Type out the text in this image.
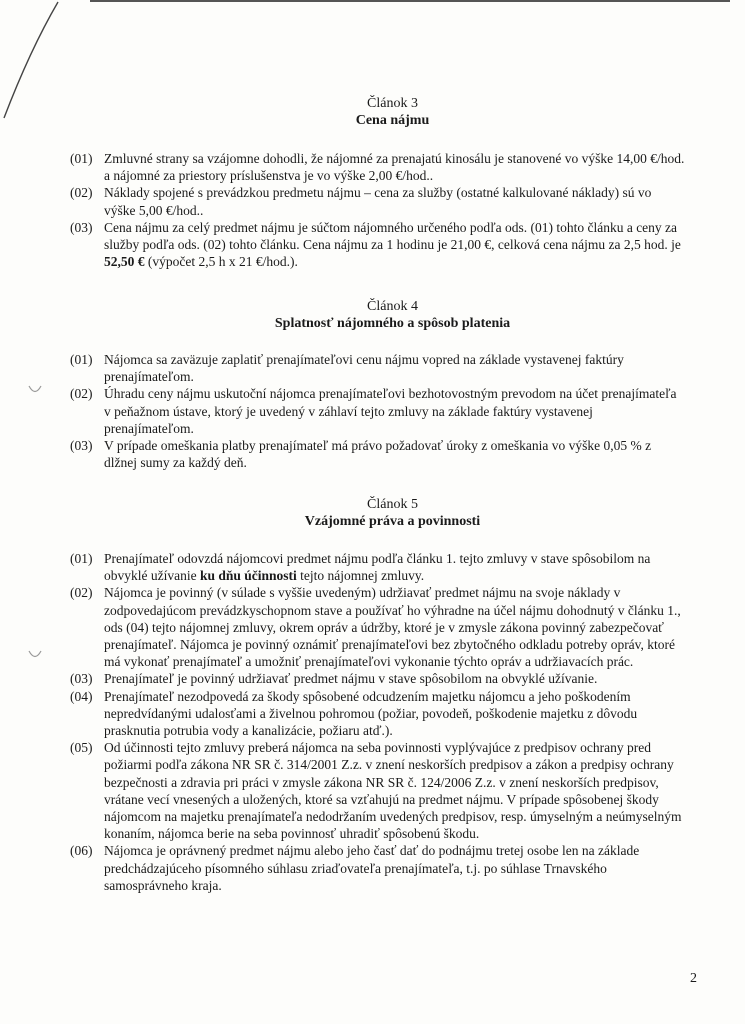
Článok 3
Cena nájmu
(01) Zmluvné strany sa vzájomne dohodli, že nájomné za prenajatú kinosálu je stanovené vo výške 14,00 €/hod. a nájomné za priestory príslušenstva je vo výške 2,00 €/hod..
(02) Náklady spojené s prevádzkou predmetu nájmu – cena za služby (ostatné kalkulované náklady) sú vo výške 5,00 €/hod..
(03) Cena nájmu za celý predmet nájmu je súčtom nájomného určeného podľa ods. (01) tohto článku a ceny za služby podľa ods. (02) tohto článku. Cena nájmu za 1 hodinu je 21,00 €, celková cena nájmu za 2,5 hod. je 52,50 € (výpočet 2,5 h x 21 €/hod.).
Článok 4
Splatnosť nájomného a spôsob platenia
(01) Nájomca sa zaväzuje zaplatiť prenajímateľovi cenu nájmu vopred na základe vystavenej faktúry prenajímateľom.
(02) Úhradu ceny nájmu uskutoční nájomca prenajímateľovi bezhotovostným prevodom na účet prenajímateľa v peňažnom ústave, ktorý je uvedený v záhlaví tejto zmluvy na základe faktúry vystavenej prenajímateľom.
(03) V prípade omeškania platby prenajímateľ má právo požadovať úroky z omeškania vo výške 0,05 % z dlžnej sumy za každý deň.
Článok 5
Vzájomné práva a povinnosti
(01) Prenajímateľ odovzdá nájomcovi predmet nájmu podľa článku 1. tejto zmluvy v stave spôsobilom na obvyklé užívanie ku dňu účinnosti tejto nájomnej zmluvy.
(02) Nájomca je povinný (v súlade s vyššie uvedeným) udržiavať predmet nájmu na svoje náklady v zodpovedajúcom prevádzkyschopnom stave a používať ho výhradne na účel nájmu dohodnutý v článku 1., ods (04) tejto nájomnej zmluvy, okrem opráv a údržby, ktoré je v zmysle zákona povinný zabezpečovať prenajímateľ. Nájomca je povinný oznámiť prenajímateľovi bez zbytočného odkladu potreby opráv, ktoré má vykonať prenajímateľ a umožniť prenajímateľovi vykonanie týchto opráv a udržiavacích prác.
(03) Prenajímateľ je povinný udržiavať predmet nájmu v stave spôsobilom na obvyklé užívanie.
(04) Prenajímateľ nezodpovedá za škody spôsobené odcudzením majetku nájomcu a jeho poškodením nepredvídanými udalosťami a živelnou pohromou (požiar, povodeň, poškodenie majetku z dôvodu prasknutia potrubia vody a kanalizácie, požiaru atď.).
(05) Od účinnosti tejto zmluvy preberá nájomca na seba povinnosti vyplývajúce z predpisov ochrany pred požiarmi podľa zákona NR SR č. 314/2001 Z.z. v znení neskorších predpisov a zákon a predpisy ochrany bezpečnosti a zdravia pri práci v zmysle zákona NR SR č. 124/2006 Z.z. v znení neskorších predpisov, vrátane vecí vnesených a uložených, ktoré sa vzťahujú na predmet nájmu. V prípade spôsobenej škody nájomcom na majetku prenajímateľa nedodržaním uvedených predpisov, resp. úmyselným a neúmyselným konaním, nájomca berie na seba povinnosť uhradiť spôsobenú škodu.
(06) Nájomca je oprávnený predmet nájmu alebo jeho časť dať do podnájmu tretej osobe len na základe predchádzajúceho písomného súhlasu zriaďovateľa prenajímateľa, t.j. po súhlase Trnavského samosprávneho kraja.
2
